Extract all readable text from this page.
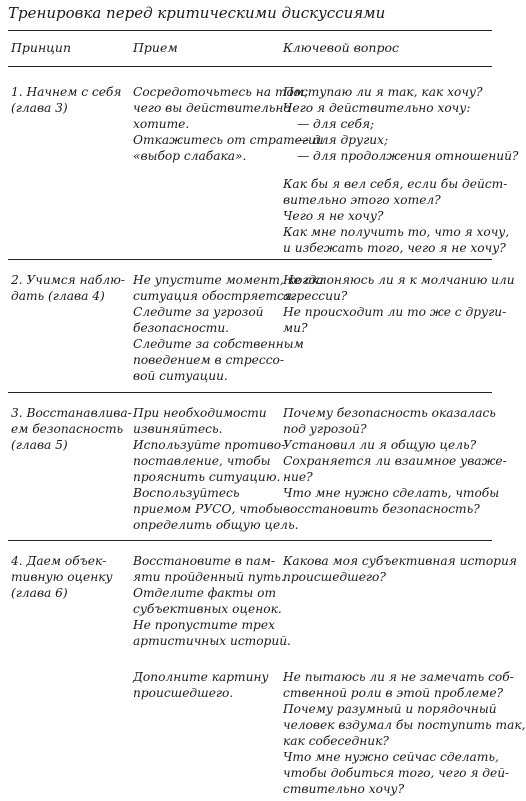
Тренировка перед критическими дискуссиями
Принцип	Прием	Ключевой вопрос
1. Начнем с себя
(глава 3)
Сосредоточьтесь на том,
чего вы действительно
хотите.
Откажитесь от стратегии
«выбор слабака».
Поступаю ли я так, как хочу?
Чего я действительно хочу:
— для себя;
— для других;
— для продолжения отношений?
Как бы я вел себя, если бы дейст-
вительно этого хотел?
Чего я не хочу?
Как мне получить то, что я хочу,
и избежать того, чего я не хочу?
2. Учимся наблю-
дать (глава 4)
Не упустите момент, когда
ситуация обостряется.
Следите за угрозой
безопасности.
Следите за собственным
поведением в стрессо-
вой ситуации.
Не склоняюсь ли я к молчанию или
агрессии?
Не происходит ли то же с други-
ми?
3. Восстанавлива-
ем безопасность
(глава 5)
При необходимости
извиняйтесь.
Используйте противо-
поставление, чтобы
прояснить ситуацию.
Воспользуйтесь
приемом РУСО, чтобы
определить общую цель.
Почему безопасность оказалась
под угрозой?
Установил ли я общую цель?
Сохраняется ли взаимное уваже-
ние?
Что мне нужно сделать, чтобы
восстановить безопасность?
4. Даем объек-
тивную оценку
(глава 6)
Восстановите в пам-
яти пройденный путь.
Отделите факты от
субъективных оценок.
Не пропустите трех
артистичных историй.
Дополните картину
происшедшего.
Какова моя субъективная история
происшедшего?
Не пытаюсь ли я не замечать соб-
ственной роли в этой проблеме?
Почему разумный и порядочный
человек вздумал бы поступить так,
как собеседник?
Что мне нужно сейчас сделать,
чтобы добиться того, чего я дей-
ствительно хочу?
